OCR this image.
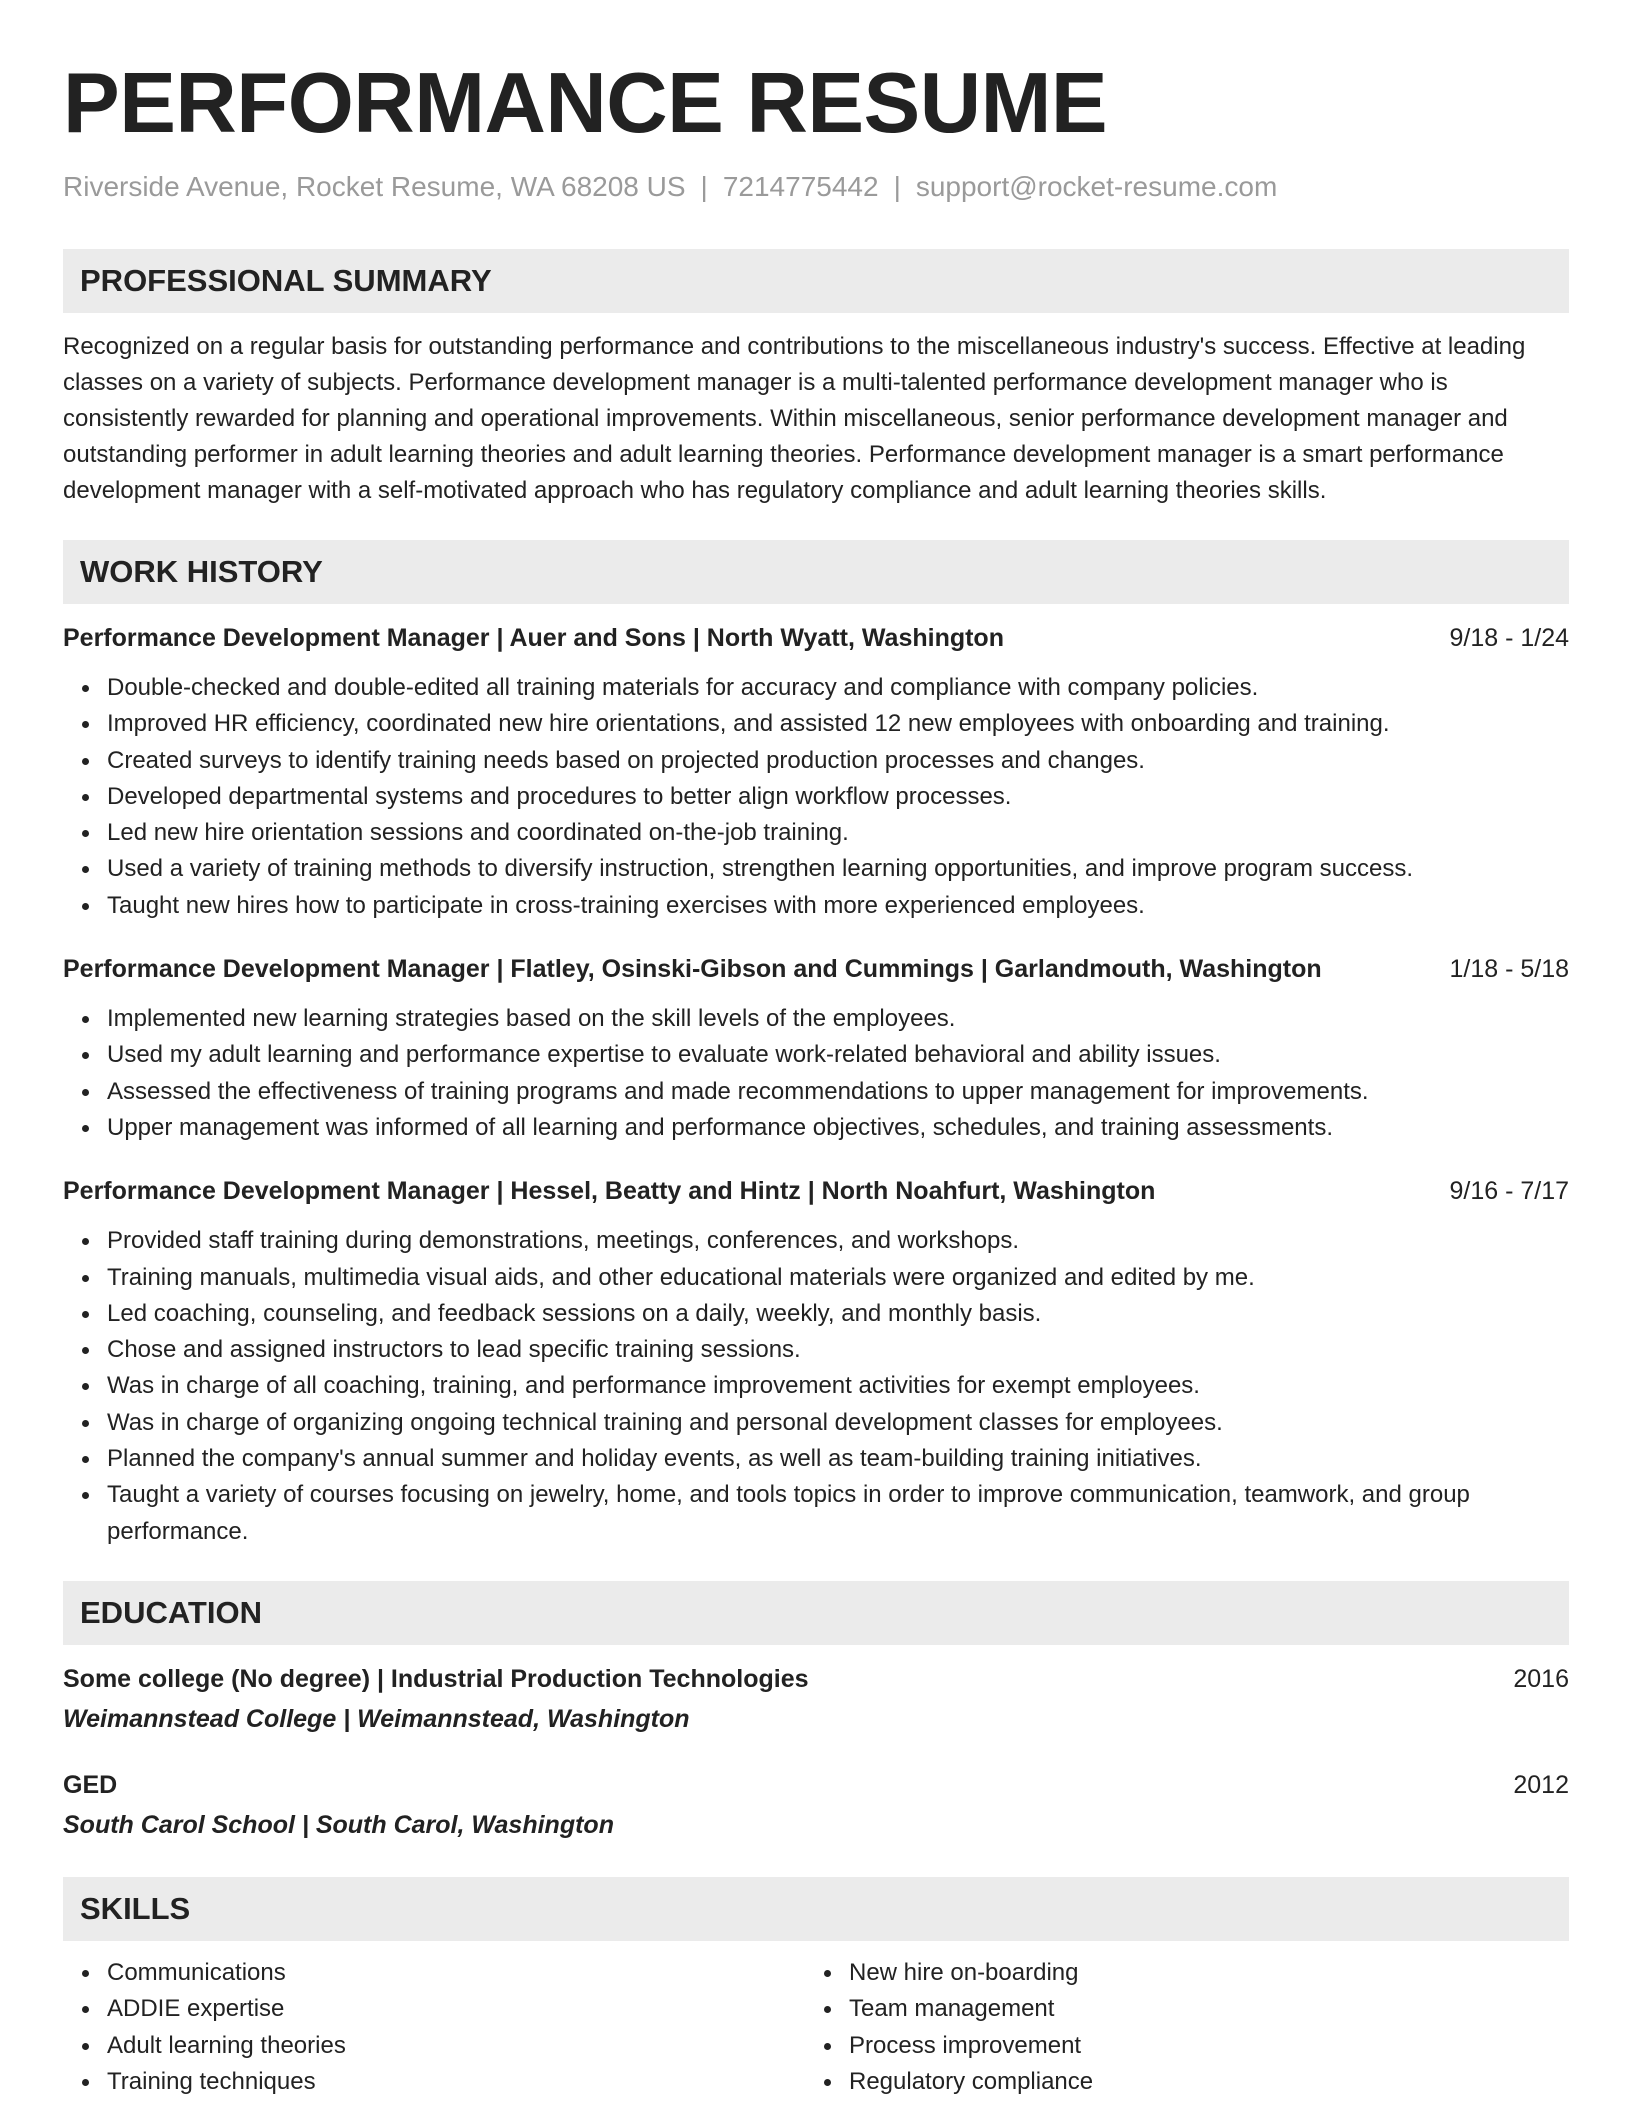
PERFORMANCE RESUME
Riverside Avenue, Rocket Resume, WA 68208 US | 7214775442 | support@rocket-resume.com
PROFESSIONAL SUMMARY

Recognized on a regular basis for outstanding performance and contributions to the miscellaneous industry's success. Effective at leading classes on a variety of subjects. Performance development manager is a multi-talented performance development manager who is consistently rewarded for planning and operational improvements. Within miscellaneous, senior performance development manager and outstanding performer in adult learning theories and adult learning theories. Performance development manager is a smart performance development manager with a self-motivated approach who has regulatory compliance and adult learning theories skills.

WORK HISTORY
Performance Development Manager | Auer and Sons | North Wyatt, Washington	9/18 - 1/24
Double-checked and double-edited all training materials for accuracy and compliance with company policies.
Improved HR efficiency, coordinated new hire orientations, and assisted 12 new employees with onboarding and training.
Created surveys to identify training needs based on projected production processes and changes.
Developed departmental systems and procedures to better align workflow processes.
Led new hire orientation sessions and coordinated on-the-job training.
Used a variety of training methods to diversify instruction, strengthen learning opportunities, and improve program success.
Taught new hires how to participate in cross-training exercises with more experienced employees.
Performance Development Manager | Flatley, Osinski-Gibson and Cummings | Garlandmouth, Washington	1/18 - 5/18
Implemented new learning strategies based on the skill levels of the employees.
Used my adult learning and performance expertise to evaluate work-related behavioral and ability issues.
Assessed the effectiveness of training programs and made recommendations to upper management for improvements.
Upper management was informed of all learning and performance objectives, schedules, and training assessments.
Performance Development Manager | Hessel, Beatty and Hintz | North Noahfurt, Washington	9/16 - 7/17
Provided staff training during demonstrations, meetings, conferences, and workshops.
Training manuals, multimedia visual aids, and other educational materials were organized and edited by me.
Led coaching, counseling, and feedback sessions on a daily, weekly, and monthly basis.
Chose and assigned instructors to lead specific training sessions.
Was in charge of all coaching, training, and performance improvement activities for exempt employees.
Was in charge of organizing ongoing technical training and personal development classes for employees.
Planned the company's annual summer and holiday events, as well as team-building training initiatives.
Taught a variety of courses focusing on jewelry, home, and tools topics in order to improve communication, teamwork, and group performance.
EDUCATION
Some college (No degree) | Industrial Production Technologies	2016
Weimannstead College | Weimannstead, Washington
GED	2012
South Carol School | South Carol, Washington
SKILLS
Communications
ADDIE expertise
Adult learning theories
Training techniques
New hire on-boarding
Team management
Process improvement
Regulatory compliance
